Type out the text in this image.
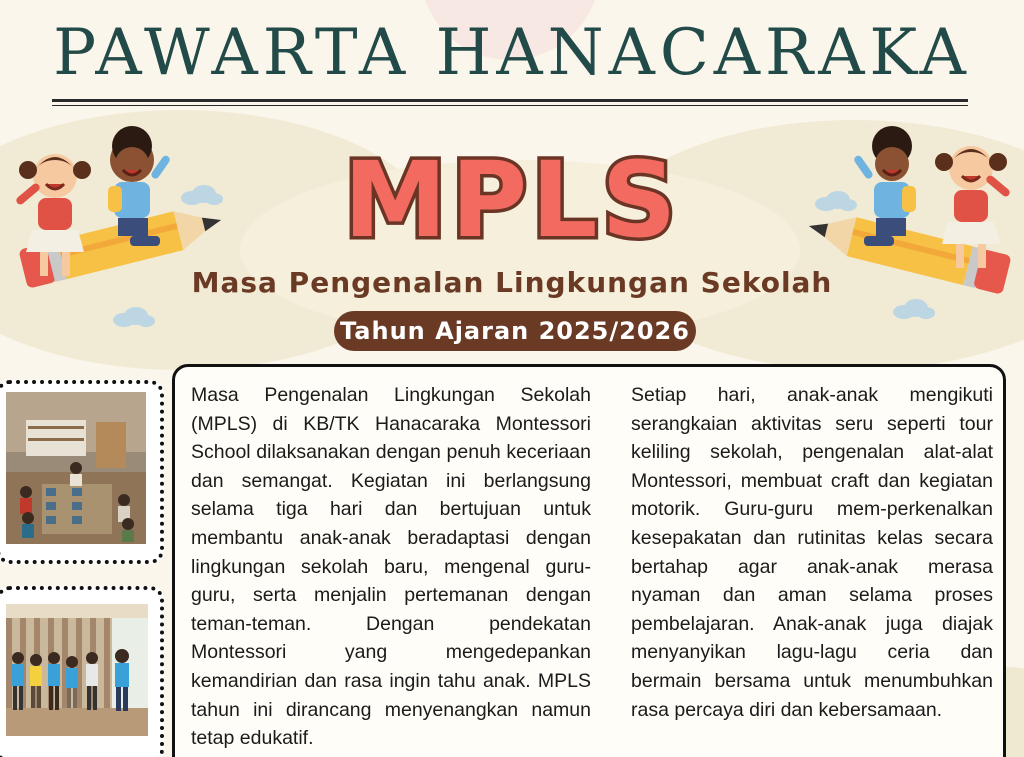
PAWARTA HANACARAKA
MPLS
Masa Pengenalan Lingkungan Sekolah
Tahun Ajaran 2025/2026
Masa Pengenalan Lingkungan Sekolah (MPLS) di KB/TK Hanacaraka Montessori School dilaksanakan dengan penuh keceriaan dan semangat. Kegiatan ini berlangsung selama tiga hari dan bertujuan untuk membantu anak-anak beradaptasi dengan lingkungan sekolah baru, mengenal guru-guru, serta menjalin pertemanan dengan teman-teman. Dengan pendekatan Montessori yang mengedepankan kemandirian dan rasa ingin tahu anak. MPLS tahun ini dirancang menyenangkan namun tetap edukatif.
Setiap hari, anak-anak mengikuti serangkaian aktivitas seru seperti tour keliling sekolah, pengenalan alat-alat Montessori, membuat craft dan kegiatan motorik. Guru-guru mem-perkenalkan kesepakatan dan rutinitas kelas secara bertahap agar anak-anak merasa nyaman dan aman selama proses pembelajaran. Anak-anak juga diajak menyanyikan lagu-lagu ceria dan bermain bersama untuk menumbuhkan rasa percaya diri dan kebersamaan.
